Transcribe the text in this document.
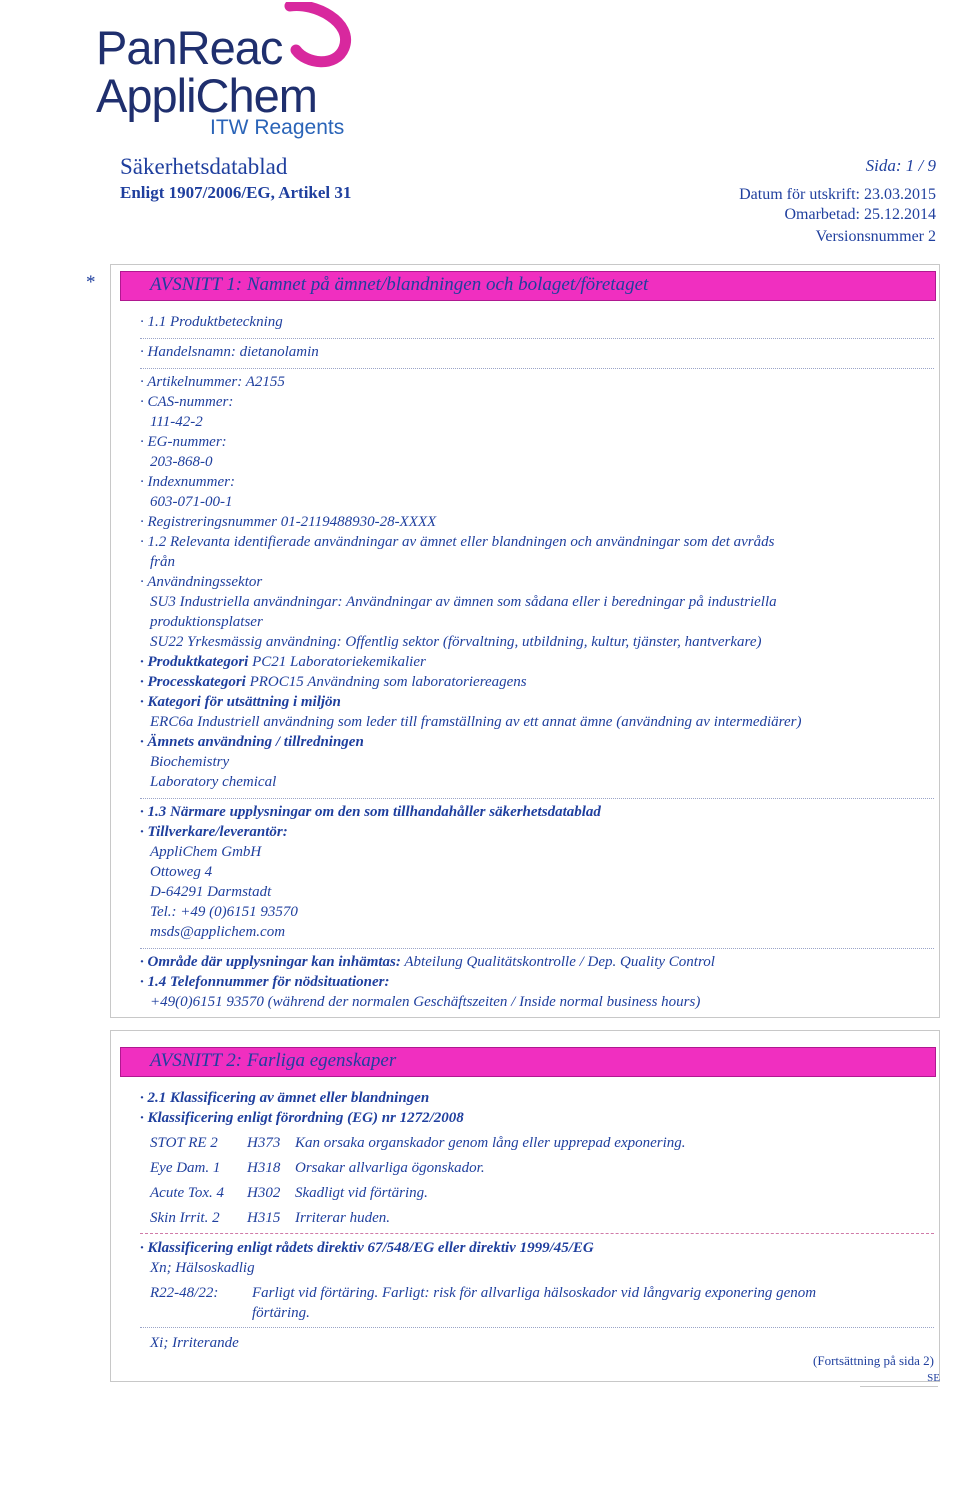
PanReac
AppliChem
ITW Reagents
Säkerhetsdatablad
Enligt 1907/2006/EG, Artikel 31
Sida: 1 / 9
Datum för utskrift: 23.03.2015
Omarbetad: 25.12.2014
Versionsnummer 2
*	AVSNITT 1: Namnet på ämnet/blandningen och bolaget/företaget
· 1.1 Produktbeteckning
· Handelsnamn: dietanolamin
· Artikelnummer: A2155
· CAS-nummer:
111-42-2
· EG-nummer:
203-868-0
· Indexnummer:
603-071-00-1
· Registreringsnummer 01-2119488930-28-XXXX
· 1.2 Relevanta identifierade användningar av ämnet eller blandningen och användningar som det avråds
från
· Användningssektor
SU3 Industriella användningar: Användningar av ämnen som sådana eller i beredningar på industriella
produktionsplatser
SU22 Yrkesmässig användning: Offentlig sektor (förvaltning, utbildning, kultur, tjänster, hantverkare)
· Produktkategori PC21 Laboratoriekemikalier
· Processkategori PROC15 Användning som laboratoriereagens
· Kategori för utsättning i miljön
ERC6a Industriell användning som leder till framställning av ett annat ämne (användning av intermediärer)
· Ämnets användning / tillredningen
Biochemistry
Laboratory chemical
· 1.3 Närmare upplysningar om den som tillhandahåller säkerhetsdatablad
· Tillverkare/leverantör:
AppliChem GmbH
Ottoweg 4
D-64291 Darmstadt
Tel.: +49 (0)6151 93570
msds@applichem.com
· Område där upplysningar kan inhämtas: Abteilung Qualitätskontrolle / Dep. Quality Control
· 1.4 Telefonnummer för nödsituationer:
+49(0)6151 93570 (während der normalen Geschäftszeiten / Inside normal business hours)
AVSNITT 2: Farliga egenskaper
· 2.1 Klassificering av ämnet eller blandningen
· Klassificering enligt förordning (EG) nr 1272/2008
STOT RE 2 H373 Kan orsaka organskador genom lång eller upprepad exponering.
Eye Dam. 1 H318 Orsakar allvarliga ögonskador.
Acute Tox. 4 H302 Skadligt vid förtäring.
Skin Irrit. 2 H315 Irriterar huden.
· Klassificering enligt rådets direktiv 67/548/EG eller direktiv 1999/45/EG
Xn; Hälsoskadlig
R22-48/22: Farligt vid förtäring. Farligt: risk för allvarliga hälsoskador vid långvarig exponering genom
förtäring.
Xi; Irriterande
(Fortsättning på sida 2)
SE
